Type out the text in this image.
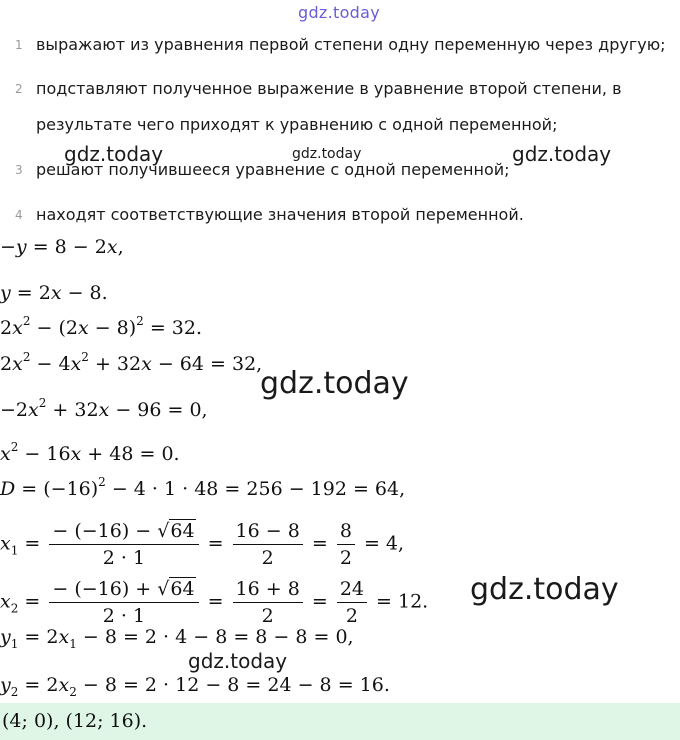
gdz.today
gdz.today	gdz.today	gdz.today
gdz.today
gdz.today
gdz.today
1 выражают из уравнения первой степени одну переменную через другую;
2 подставляют полученное выражение в уравнение второй степени, в результате чего приходят к уравнению с одной переменной;
3 решают получившееся уравнение с одной переменной;
4 находят соответствующие значения второй переменной.
−y = 8 − 2x,
y = 2x − 8.
$2x^2 - (2x - 8)^2 = 32$.
$2x^2 - 4x^2 + 32x - 64 = 32$,
$-2x^2 + 32x - 96 = 0$,
$x^2 - 16x + 48 = 0$.
$D = (-16)^2 - 4 \cdot 1 \cdot 48 = 256 - 192 = 64$,
$x_1 = \frac{- (-16) - √64}{2 \cdot 1} = \frac{16 - 8}{2} = \frac{8}{2} = 4$,
$x_2 = \frac{- (-16) + √64}{2 \cdot 1} = \frac{16 + 8}{2} = \frac{24}{2} = 12$.
$y_1 = 2x_1 - 8 = 2 \cdot 4 - 8 = 8 - 8 = 0$,
$y_2 = 2x_2 - 8 = 2 \cdot 12 - 8 = 24 - 8 = 16$.
(4; 0), (12; 16).
